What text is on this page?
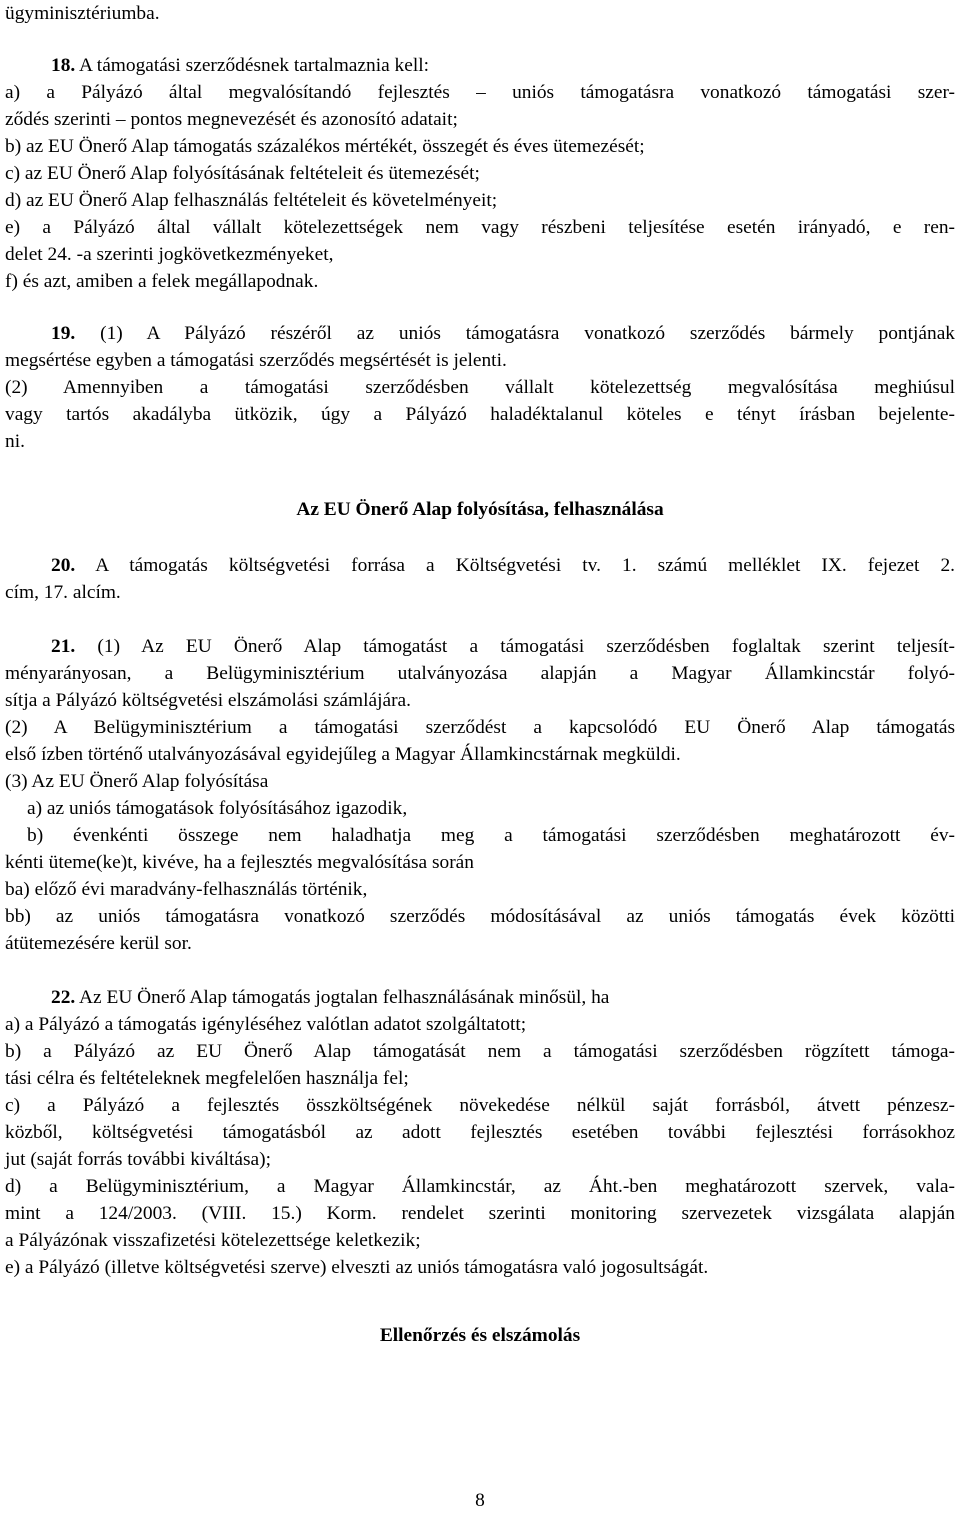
ügyminisztériumba.
18. A támogatási szerződésnek tartalmaznia kell:
a) a Pályázó által megvalósítandó fejlesztés – uniós támogatásra vonatkozó támogatási szer-
ződés szerinti – pontos megnevezését és azonosító adatait;
b) az EU Önerő Alap támogatás százalékos mértékét, összegét és éves ütemezését;
c) az EU Önerő Alap folyósításának feltételeit és ütemezését;
d) az EU Önerő Alap felhasználás feltételeit és követelményeit;
e) a Pályázó által vállalt kötelezettségek nem vagy részbeni teljesítése esetén irányadó, e ren-
delet 24. -a szerinti jogkövetkezményeket,
f) és azt, amiben a felek megállapodnak.
19. (1) A Pályázó részéről az uniós támogatásra vonatkozó szerződés bármely pontjának
megsértése egyben a támogatási szerződés megsértését is jelenti.
(2) Amennyiben a támogatási szerződésben vállalt kötelezettség megvalósítása meghiúsul
vagy tartós akadályba ütközik, úgy a Pályázó haladéktalanul köteles e tényt írásban bejelente-
ni.
Az EU Önerő Alap folyósítása, felhasználása
20. A támogatás költségvetési forrása a Költségvetési tv. 1. számú melléklet IX. fejezet 2.
cím, 17. alcím.
21. (1) Az EU Önerő Alap támogatást a támogatási szerződésben foglaltak szerint teljesít-
ményarányosan, a Belügyminisztérium utalványozása alapján a Magyar Államkincstár folyó-
sítja a Pályázó költségvetési elszámolási számlájára.
(2) A Belügyminisztérium a támogatási szerződést a kapcsolódó EU Önerő Alap támogatás
első ízben történő utalványozásával egyidejűleg a Magyar Államkincstárnak megküldi.
(3) Az EU Önerő Alap folyósítása
a) az uniós támogatások folyósításához igazodik,
b) évenkénti összege nem haladhatja meg a támogatási szerződésben meghatározott év-
kénti üteme(ke)t, kivéve, ha a fejlesztés megvalósítása során
ba) előző évi maradvány-felhasználás történik,
bb) az uniós támogatásra vonatkozó szerződés módosításával az uniós támogatás évek közötti
átütemezésére kerül sor.
22. Az EU Önerő Alap támogatás jogtalan felhasználásának minősül, ha
a) a Pályázó a támogatás igényléséhez valótlan adatot szolgáltatott;
b) a Pályázó az EU Önerő Alap támogatását nem a támogatási szerződésben rögzített támoga-
tási célra és feltételeknek megfelelően használja fel;
c) a Pályázó a fejlesztés összköltségének növekedése nélkül saját forrásból, átvett pénzesz-
közből, költségvetési támogatásból az adott fejlesztés esetében további fejlesztési forrásokhoz
jut (saját forrás további kiváltása);
d) a Belügyminisztérium, a Magyar Államkincstár, az Áht.-ben meghatározott szervek, vala-
mint a 124/2003. (VIII. 15.) Korm. rendelet szerinti monitoring szervezetek vizsgálata alapján
a Pályázónak visszafizetési kötelezettsége keletkezik;
e) a Pályázó (illetve költségvetési szerve) elveszti az uniós támogatásra való jogosultságát.
Ellenőrzés és elszámolás
8
